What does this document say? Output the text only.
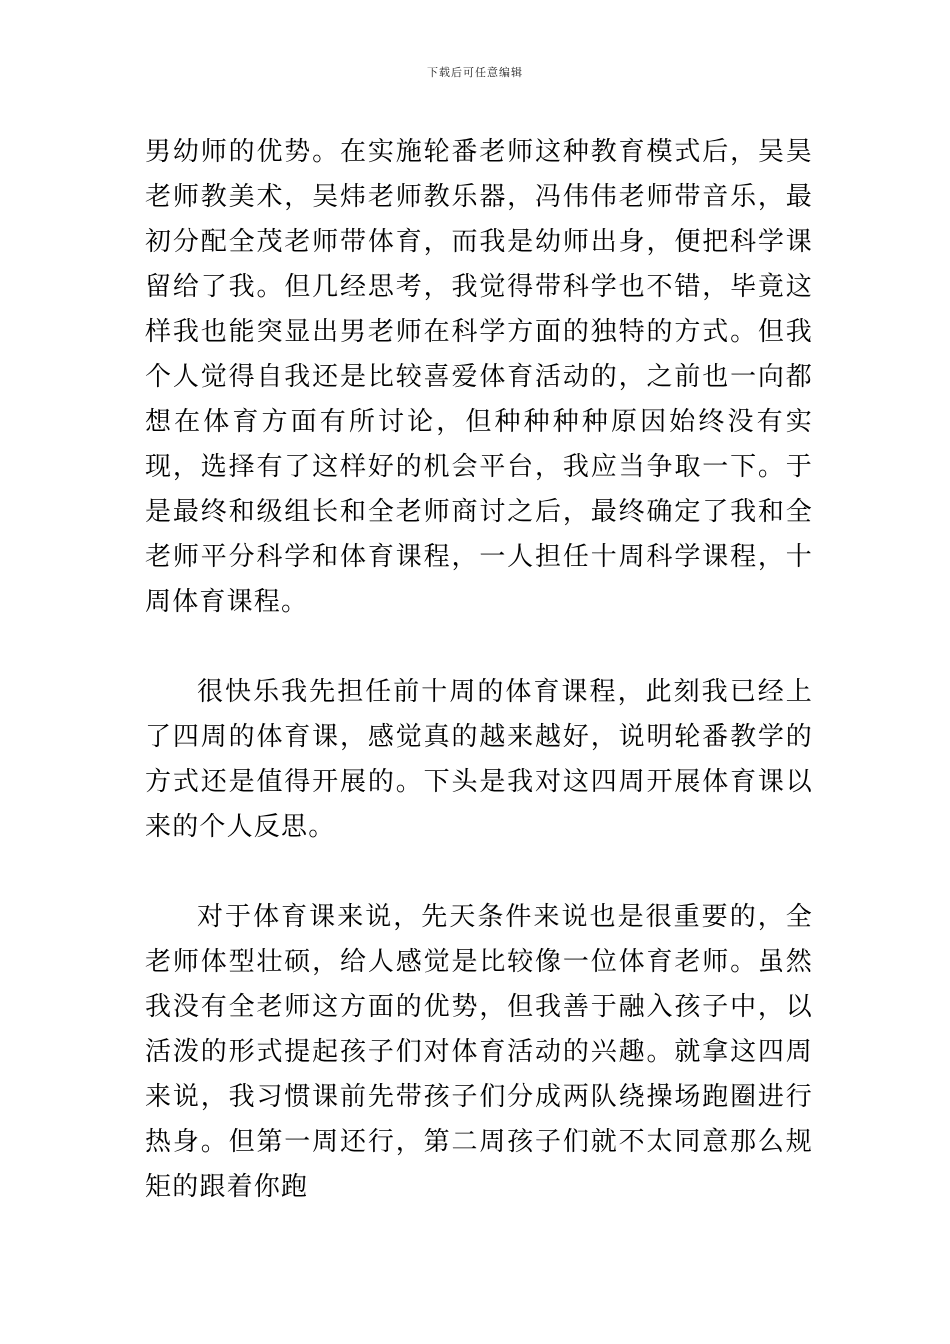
下载后可任意编辑

男幼师的优势。在实施轮番老师这种教育模式后，吴昊老师教美术，吴炜老师教乐器，冯伟伟老师带音乐，最初分配全茂老师带体育，而我是幼师出身，便把科学课留给了我。但几经思考，我觉得带科学也不错，毕竟这样我也能突显出男老师在科学方面的独特的方式。但我个人觉得自我还是比较喜爱体育活动的，之前也一向都想在体育方面有所讨论，但种种种种原因始终没有实现，选择有了这样好的机会平台，我应当争取一下。于是最终和级组长和全老师商讨之后，最终确定了我和全老师平分科学和体育课程，一人担任十周科学课程，十周体育课程。

很快乐我先担任前十周的体育课程，此刻我已经上了四周的体育课，感觉真的越来越好，说明轮番教学的方式还是值得开展的。下头是我对这四周开展体育课以来的个人反思。

对于体育课来说，先天条件来说也是很重要的，全老师体型壮硕，给人感觉是比较像一位体育老师。虽然我没有全老师这方面的优势，但我善于融入孩子中，以活泼的形式提起孩子们对体育活动的兴趣。就拿这四周来说，我习惯课前先带孩子们分成两队绕操场跑圈进行热身。但第一周还行，第二周孩子们就不太同意那么规矩的跟着你跑
